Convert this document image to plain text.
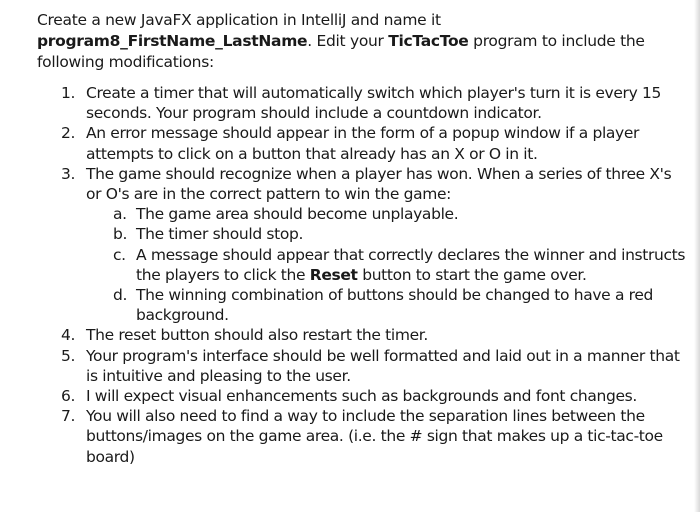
Create a new JavaFX application in IntelliJ and name it
program8_FirstName_LastName. Edit your TicTacToe program to include the following modifications:
1. Create a timer that will automatically switch which player's turn it is every 15 seconds. Your program should include a countdown indicator.
2. An error message should appear in the form of a popup window if a player attempts to click on a button that already has an X or O in it.
3. The game should recognize when a player has won. When a series of three X's or O's are in the correct pattern to win the game:
a. The game area should become unplayable.
b. The timer should stop.
c. A message should appear that correctly declares the winner and instructs the players to click the Reset button to start the game over.
d. The winning combination of buttons should be changed to have a red background.
4. The reset button should also restart the timer.
5. Your program's interface should be well formatted and laid out in a manner that is intuitive and pleasing to the user.
6. I will expect visual enhancements such as backgrounds and font changes.
7. You will also need to find a way to include the separation lines between the buttons/images on the game area. (i.e. the # sign that makes up a tic-tac-toe board)
